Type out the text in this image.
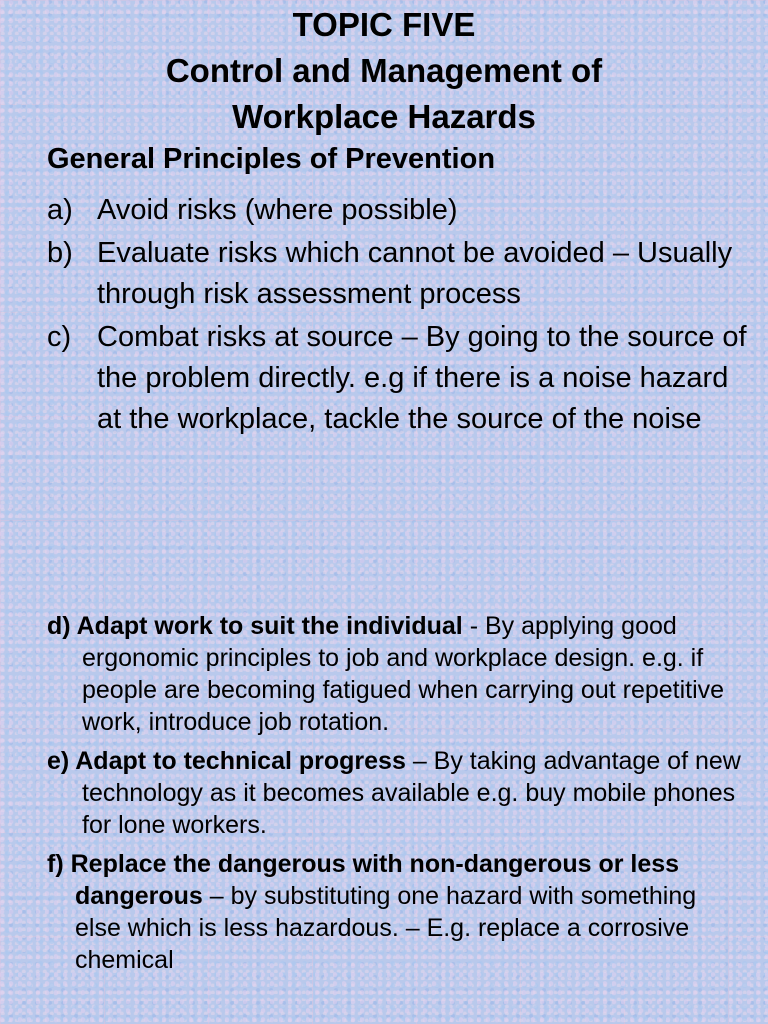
TOPIC FIVE
Control and Management of
Workplace Hazards
General Principles of Prevention
a) Avoid risks (where possible)
b) Evaluate risks which cannot be avoided – Usually through risk assessment process
c) Combat risks at source – By going to the source of the problem directly. e.g if there is a noise hazard at the workplace, tackle the source of the noise
d) Adapt work to suit the individual - By applying good ergonomic principles to job and workplace design. e.g. if people are becoming fatigued when carrying out repetitive work, introduce job rotation.
e) Adapt to technical progress – By taking advantage of new technology as it becomes available e.g. buy mobile phones for lone workers.
f) Replace the dangerous with non-dangerous or less dangerous – by substituting one hazard with something else which is less hazardous. – E.g. replace a corrosive chemical
